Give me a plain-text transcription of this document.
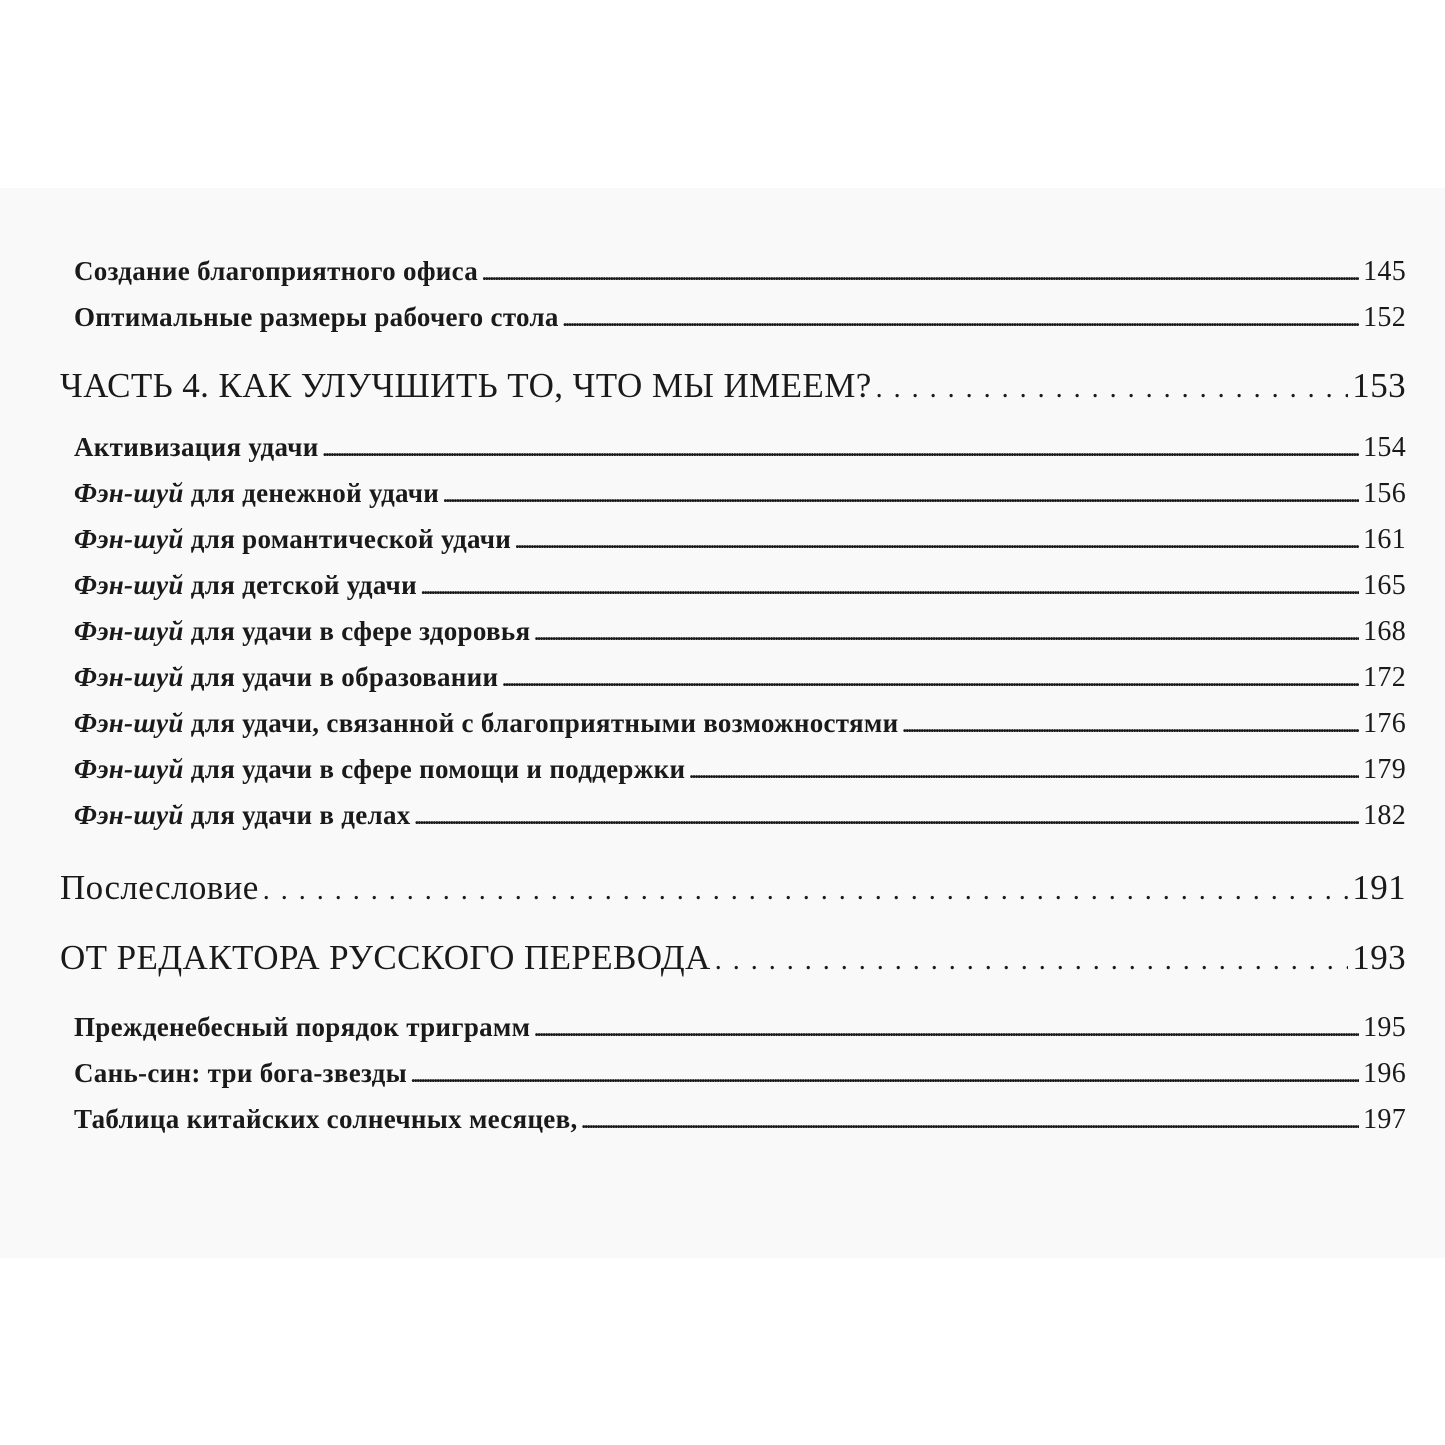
Создание благоприятного офиса .....	145
Оптимальные размеры рабочего стола .....	152
ЧАСТЬ 4. КАК УЛУЧШИТЬ ТО, ЧТО МЫ ИМЕЕМ? . . .	153
Активизация удачи .....	154
Фэн-шуй для денежной удачи .....	156
Фэн-шуй для романтической удачи .....	161
Фэн-шуй для детской удачи .....	165
Фэн-шуй для удачи в сфере здоровья .....	168
Фэн-шуй для удачи в образовании .....	172
Фэн-шуй для удачи, связанной с благоприятными возможностями .....	176
Фэн-шуй для удачи в сфере помощи и поддержки .....	179
Фэн-шуй для удачи в делах .....	182
Послесловие . . .	191
ОТ РЕДАКТОРА РУССКОГО ПЕРЕВОДА . . .	193
Прежденебесный порядок триграмм .....	195
Сань-син: три бога-звезды .....	196
Таблица китайских солнечных месяцев, .....	197
